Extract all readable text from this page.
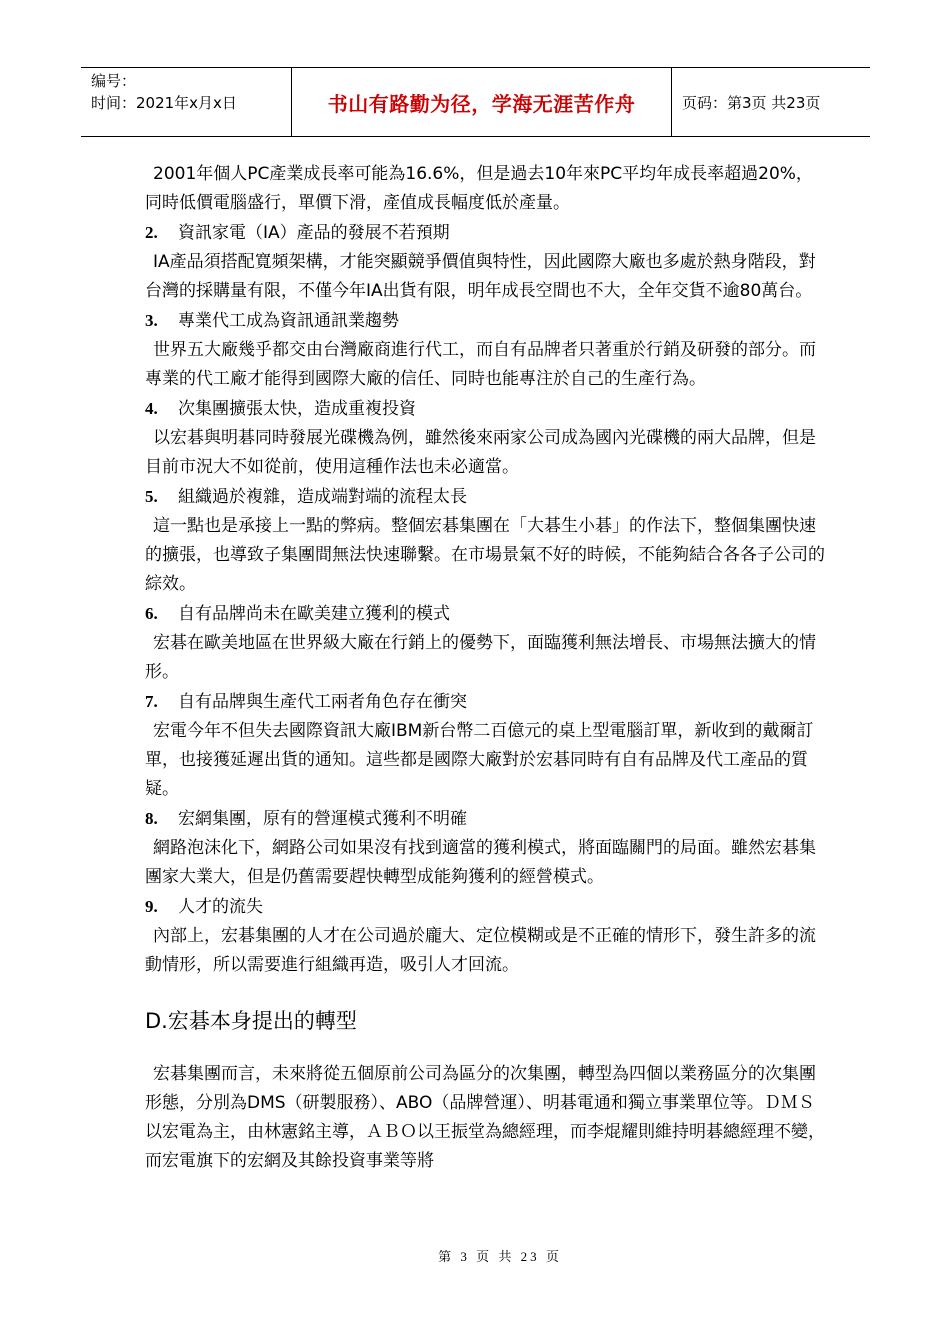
编号：
时间：2021年x月x日	书山有路勤为径，学海无涯苦作舟	页码：第3页 共23页

2001年個人PC產業成長率可能為16.6%，但是過去10年來PC平均年成長率超過20%，同時低價電腦盛行，單價下滑，產值成長幅度低於產量。

2. 資訊家電（IA）產品的發展不若預期

IA產品須搭配寬頻架構，才能突顯競爭價值與特性，因此國際大廠也多處於熱身階段，對台灣的採購量有限，不僅今年IA出貨有限，明年成長空間也不大，全年交貨不逾80萬台。

3. 專業代工成為資訊通訊業趨勢

世界五大廠幾乎都交由台灣廠商進行代工，而自有品牌者只著重於行銷及研發的部分。而專業的代工廠才能得到國際大廠的信任、同時也能專注於自己的生產行為。

4. 次集團擴張太快，造成重複投資

以宏碁與明碁同時發展光碟機為例，雖然後來兩家公司成為國內光碟機的兩大品牌，但是目前市況大不如從前，使用這種作法也未必適當。

5. 組織過於複雜，造成端對端的流程太長

這一點也是承接上一點的弊病。整個宏碁集團在「大碁生小碁」的作法下，整個集團快速的擴張，也導致子集團間無法快速聯繫。在市場景氣不好的時候，不能夠結合各各子公司的綜效。

6. 自有品牌尚未在歐美建立獲利的模式

宏碁在歐美地區在世界級大廠在行銷上的優勢下，面臨獲利無法增長、市場無法擴大的情形。

7. 自有品牌與生產代工兩者角色存在衝突

宏電今年不但失去國際資訊大廠IBM新台幣二百億元的桌上型電腦訂單，新收到的戴爾訂單，也接獲延遲出貨的通知。這些都是國際大廠對於宏碁同時有自有品牌及代工產品的質疑。

8. 宏網集團，原有的營運模式獲利不明確

網路泡沫化下，網路公司如果沒有找到適當的獲利模式，將面臨關門的局面。雖然宏碁集團家大業大，但是仍舊需要趕快轉型成能夠獲利的經營模式。

9. 人才的流失

內部上，宏碁集團的人才在公司過於龐大、定位模糊或是不正確的情形下，發生許多的流動情形，所以需要進行組織再造，吸引人才回流。

D.宏碁本身提出的轉型

宏碁集團而言，未來將從五個原前公司為區分的次集團，轉型為四個以業務區分的次集團形態，分別為DMS（研製服務）、ABO（品牌營運）、明碁電通和獨立事業單位等。ＤＭＳ以宏電為主，由林憲銘主導，ＡＢＯ以王振堂為總經理，而李焜耀則維持明碁總經理不變，而宏電旗下的宏網及其餘投資事業等將

第 3 页 共 23 页
